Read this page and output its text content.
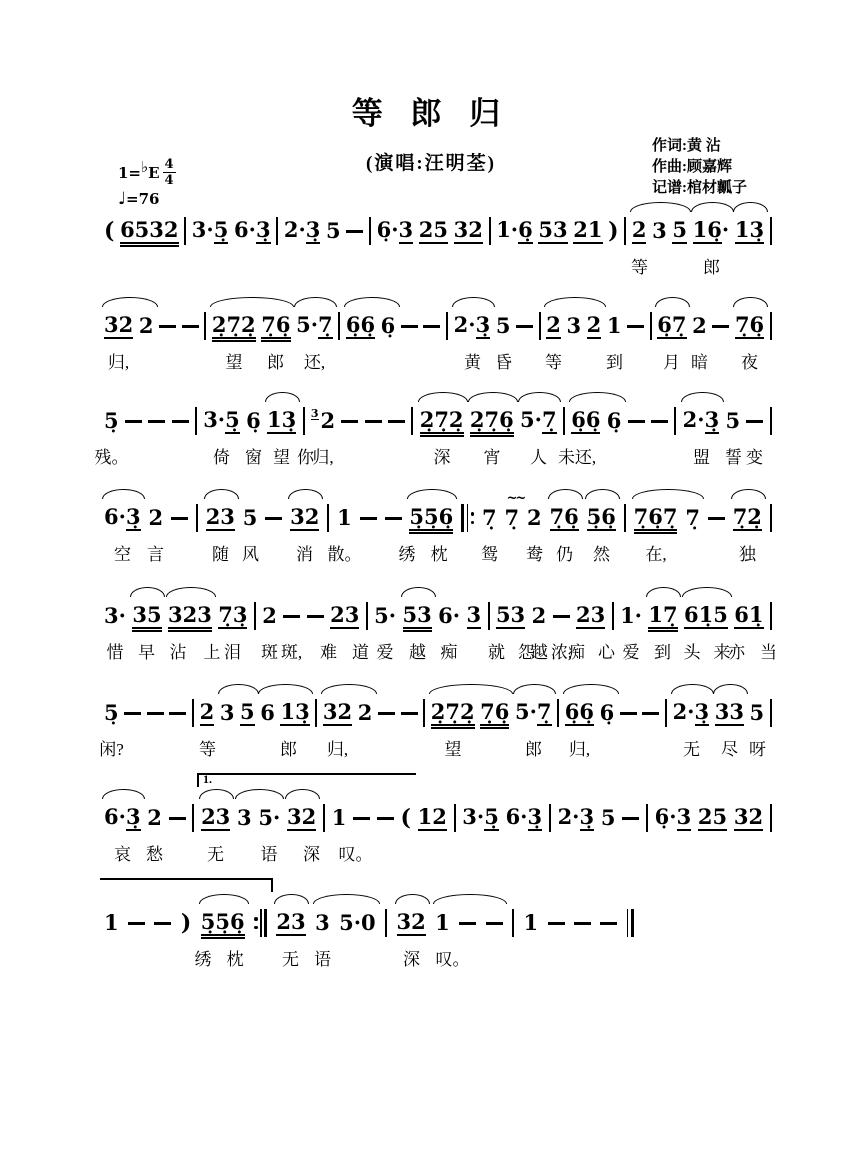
等 郎 归
(演唱:汪明荃)
作词:黄 沾
作曲:顾嘉辉
记谱:棺材瓤子
1= ♭ E $\frac{4}{4}$
♩=76
( 6532 3· 5̣ 6· 3̣ 2· 3̣ 5 6̣· 3 25 32 1· 6̣ 53 21 ) 2 3 5 16̣ · 13̣
等	郎
32 2	2̣7̣2̣ 7̣6̣ 5· 7̣ 6̣6̣ 6̣	2· 3̣ 5 2 3 2 1 6̣7̣ 2 7̣6̣
归,	望 郎 还,	黄 昏 等	到 月 暗 夜
5̣	3· 5̣ 6̣ 13̣ 3 2	2̣7̣2̣ 2̣7̣6̣ 5· 7̣ 6̣6̣ 6̣	2· 3̣ 5
残。	倚 窗 望 你
归,	深 宵 人 未 还,	盟 誓 变
6· 3̣ 2 23 5 32 1	5̣5̣6̣ 7̣ 7̣
~~
2 7̣6̣ 5̣6̣ 7̣6̣7̣ 7̣ 7̣2̣
空 言	随 风 消 散。 绣 枕 鸳 鸯 仍 然 在,	独
3· 35 323 7̣3̣ 2	23 5· 53 6· 3 53 2 23 1· 17̣ 61̣5 61̣
惜 早 沾 上 泪 斑 斑, 难 道 爱 越 痴 就 怨
越 浓,
痴 心 爱 到 头 来
亦 当
5̣	2 3 5 6 13̣ 32 2	2̣7̣2̣ 7̣6̣ 5· 7̣ 6̣6̣ 6̣	2· 3̣ 33 5
闲?	等	郎 归,	望	郎 归,	无 尽 呀
6· 3̣ 2 23 3 5· 32 1 ( 12 3· 5̣ 6· 3̣ 2· 3̣ 5 6̣· 3 25 32
哀 愁	无 语 深 叹。
1.
1	) 5̣5̣6̣ 23 3 5·0 32 1	1
绣 枕 无 语	深 叹。
